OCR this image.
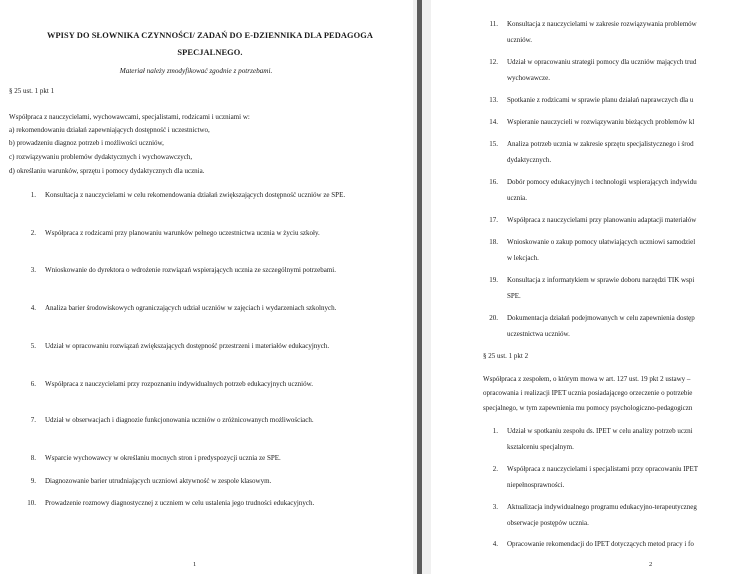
WPISY DO SŁOWNIKA CZYNNOŚCI/ ZADAŃ DO E-DZIENNIKA DLA PEDAGOGA SPECJALNEGO.
Materiał należy zmodyfikować zgodnie z potrzebami.
§ 25 ust. 1 pkt 1
Współpraca z nauczycielami, wychowawcami, specjalistami, rodzicami i uczniami w:
a) rekomendowaniu działań zapewniających dostępność i uczestnictwo,
b) prowadzeniu diagnoz potrzeb i możliwości uczniów,
c) rozwiązywaniu problemów dydaktycznych i wychowawczych,
d) określaniu warunków, sprzętu i pomocy dydaktycznych dla ucznia.
1. Konsultacja z nauczycielami w celu rekomendowania działań zwiększających dostępność uczniów ze SPE.
2. Współpraca z rodzicami przy planowaniu warunków pełnego uczestnictwa ucznia w życiu szkoły.
3. Wnioskowanie do dyrektora o wdrożenie rozwiązań wspierających ucznia ze szczególnymi potrzebami.
4. Analiza barier środowiskowych ograniczających udział uczniów w zajęciach i wydarzeniach szkolnych.
5. Udział w opracowaniu rozwiązań zwiększających dostępność przestrzeni i materiałów edukacyjnych.
6. Współpraca z nauczycielami przy rozpoznaniu indywidualnych potrzeb edukacyjnych uczniów.
7. Udział w obserwacjach i diagnozie funkcjonowania uczniów o zróżnicowanych możliwościach.
8. Wsparcie wychowawcy w określaniu mocnych stron i predyspozycji ucznia ze SPE.
9. Diagnozowanie barier utrudniających uczniowi aktywność w zespole klasowym.
10. Prowadzenie rozmowy diagnostycznej z uczniem w celu ustalenia jego trudności edukacyjnych.
1
11. Konsultacja z nauczycielami w zakresie rozwiązywania problemów
uczniów.
12. Udział w opracowaniu strategii pomocy dla uczniów mających trud
wychowawcze.
13. Spotkanie z rodzicami w sprawie planu działań naprawczych dla u

14. Wspieranie nauczycieli w rozwiązywaniu bieżących problemów kl

15. Analiza potrzeb ucznia w zakresie sprzętu specjalistycznego i środ
dydaktycznych.
16. Dobór pomocy edukacyjnych i technologii wspierających indywidu
ucznia.
17. Współpraca z nauczycielami przy planowaniu adaptacji materiałów

18. Wnioskowanie o zakup pomocy ułatwiających uczniowi samodziel
w lekcjach.
19. Konsultacja z informatykiem w sprawie doboru narzędzi TIK wspi
SPE.
20. Dokumentacja działań podejmowanych w celu zapewnienia dostęp
uczestnictwa uczniów.
§ 25 ust. 1 pkt 2
Współpraca z zespołem, o którym mowa w art. 127 ust. 19 pkt 2 ustawy –
opracowania i realizacji IPET ucznia posiadającego orzeczenie o potrzebie
specjalnego, w tym zapewnienia mu pomocy psychologiczno-pedagogiczn
1. Udział w spotkaniu zespołu ds. IPET w celu analizy potrzeb uczni
kształceniu specjalnym.
2. Współpraca z nauczycielami i specjalistami przy opracowaniu IPET
niepełnosprawności.
3. Aktualizacja indywidualnego programu edukacyjno-terapeutyczneg
obserwacje postępów ucznia.
4. Opracowanie rekomendacji do IPET dotyczących metod pracy i fo

2
